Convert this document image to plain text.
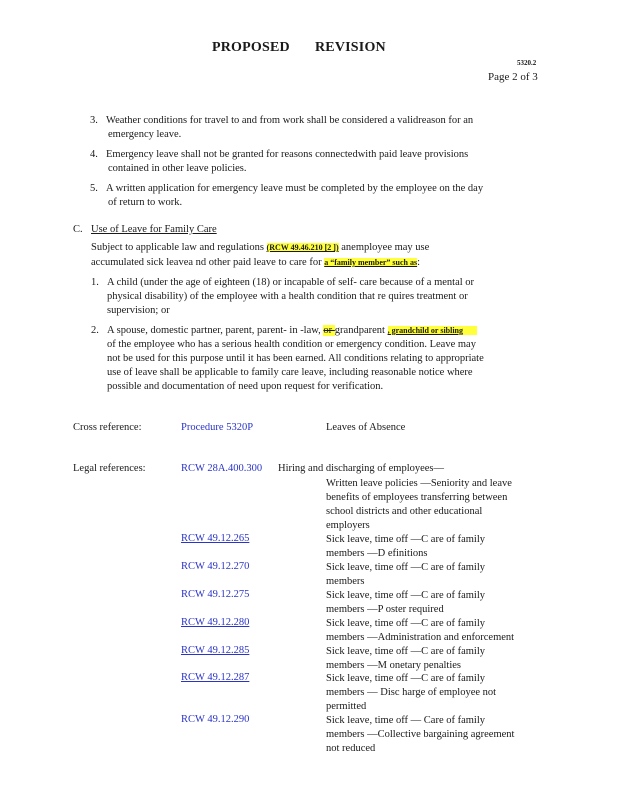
PROPOSED REVISION
5320.2
Page 2 of 3
3. Weather conditions for travel to and from work shall be considered a validreason for an
emergency leave.
4. Emergency leave shall not be granted for reasons connectedwith paid leave provisions
contained in other leave policies.
5. A written application for emergency leave must be completed by the employee on the day
of return to work.
C. Use of Leave for Family Care
Subject to applicable law and regulations (RCW 49.46.210 [2 ]) anemployee may use
accumulated sick leavea nd other paid leave to care for a “family member” such as:
1. A child (under the age of eighteen (18) or incapable of self- care because of a mental or
physical disability) of the employee with a health condition that re quires treatment or
supervision; or
2. A spouse, domestic partner, parent, parent- in -law, or grandparent , grandchild or sibling
of the employee who has a serious health condition or emergency condition. Leave may
not be used for this purpose until it has been earned. All conditions relating to appropriate
use of leave shall be applicable to family care leave, including reasonable notice where
possible and documentation of need upon request for verification.
Cross reference:	Procedure 5320P	Leaves of Absence
Legal references:	RCW 28A.400.300 Hiring and discharging of employees—
Written leave policies —Seniority and leave
benefits of employees transferring between
school districts and other educational
employers
RCW 49.12.265	Sick leave, time off —C are of family
members —D efinitions
RCW 49.12.270	Sick leave, time off —C are of family
members
RCW 49.12.275	Sick leave, time off —C are of family
members —P oster required
RCW 49.12.280	Sick leave, time off —C are of family
members —Administration and enforcement
RCW 49.12.285	Sick leave, time off —C are of family
members —M onetary penalties
RCW 49.12.287	Sick leave, time off —C are of family
members — Disc harge of employee not
permitted
RCW 49.12.290	Sick leave, time off — Care of family
members —Collective bargaining agreement
not reduced
